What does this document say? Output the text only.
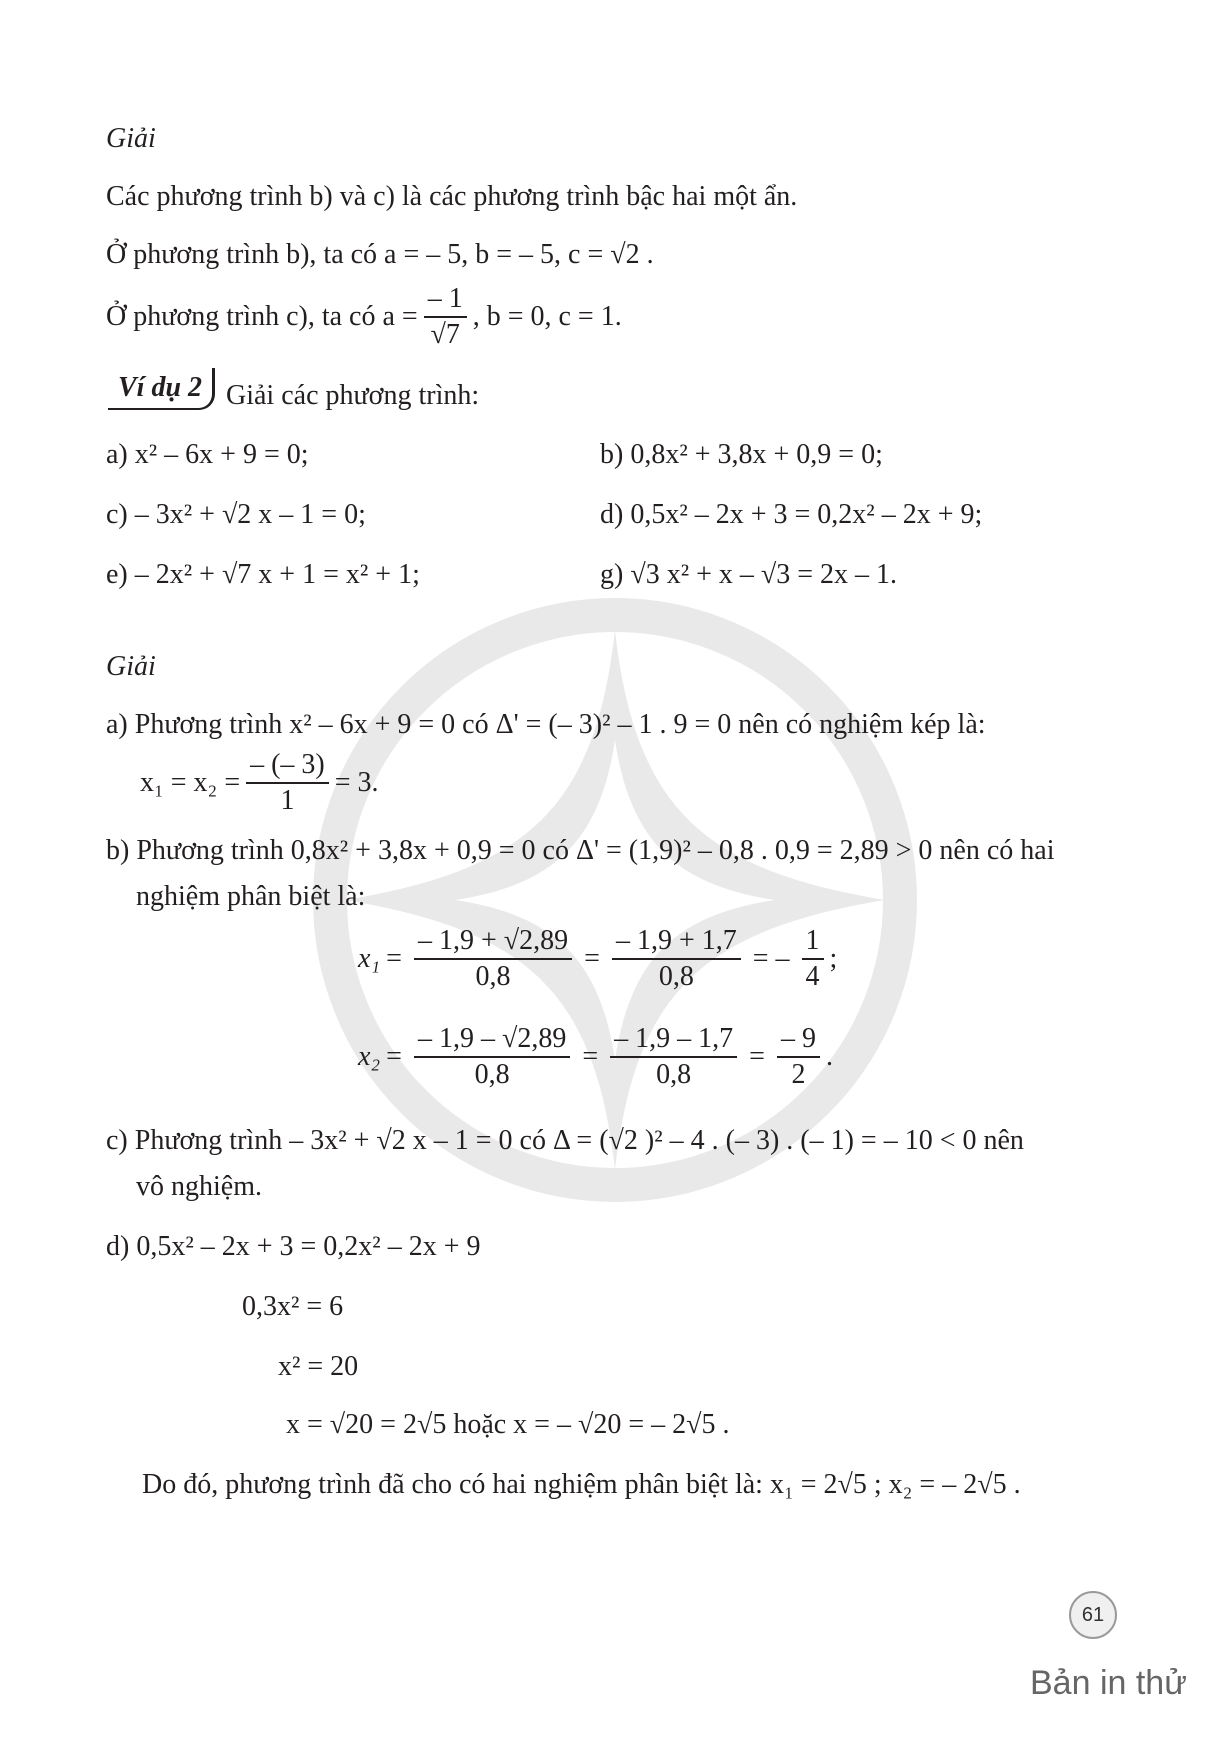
Giải
Các phương trình b) và c) là các phương trình bậc hai một ẩn.
Ở phương trình b), ta có a = – 5, b = – 5, c = √2 .
Ở phương trình c), ta có $a = \frac{- 1}{√7}$ , b = 0, c = 1.
Ví dụ 2 Giải các phương trình:
a) x² – 6x + 9 = 0;	b) 0,8x² + 3,8x + 0,9 = 0;
c) – 3x² + √2 x – 1 = 0;	d) 0,5x² – 2x + 3 = 0,2x² – 2x + 9;
e) – 2x² + √7 x + 1 = x² + 1;	g) √3 x² + x – √3 = 2x – 1.
Giải
a) Phương trình x² – 6x + 9 = 0 có Δ' = (– 3)² – 1 . 9 = 0 nên có nghiệm kép là:
$x_1 = x_2 = \frac{- (- 3)}{1} = 3$.
b) Phương trình 0,8x² + 3,8x + 0,9 = 0 có Δ' = (1,9)² – 0,8 . 0,9 = 2,89 > 0 nên có hai
nghiệm phân biệt là:
$x_1 = \frac{- 1,9 + √2,89}{0,8} = \frac{- 1,9 + 1,7}{0,8}$ = – $\frac{1}{4}$ ;
$x_2 = \frac{- 1,9 - √2,89}{0,8} = \frac{- 1,9 - 1,7}{0,8} = \frac{- 9}{2}$ .
c) Phương trình – 3x² + √2 x – 1 = 0 có Δ = (√2 )² – 4 . (– 3) . (– 1) = – 10 < 0 nên
vô nghiệm.
d) 0,5x² – 2x + 3 = 0,2x² – 2x + 9
0,3x² = 6
x² = 20
x = √20 = 2√5 hoặc x = – √20 = – 2√5 .
Do đó, phương trình đã cho có hai nghiệm phân biệt là: x₁ = 2√5 ; x₂ = – 2√5 .
61
Bản in thử
